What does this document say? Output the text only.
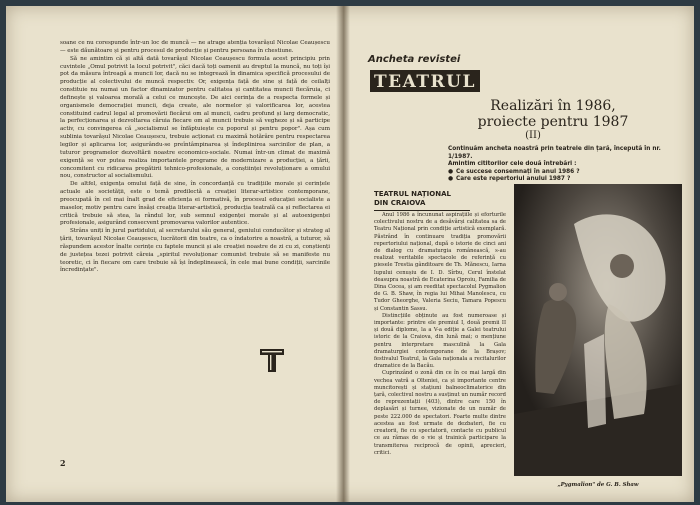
soane ce nu corespunde într-un loc de muncă — ne atrage atenția tovarășul Nicolae Ceaușescu — este dăunătoare și pentru procesul de producție și pentru persoana în chestiune.

Să ne amintim că și altă dată tovarășul Nicolae Ceaușescu formula acest principiu prin cuvintele „Omul potrivit la locul potrivit", căci dacă toți oamenii au dreptul la muncă, nu toți își pot da măsura întreagă a muncii lor, dacă nu se integrează în dinamica specifică procesului de producție al colectivului de muncă respectiv. Or, exigența față de sine și față de ceilalți constituie nu numai un factor dinamizator pentru calitatea și cantitatea muncii fiecăruia, ci definește și valoarea morală a celui ce muncește. De aici cerința de a respecta formele și organismele democrației muncii, deja create, ale normelor și valorificarea lor, acestea constituind cadrul legal al promovării fiecărui om al muncii, cadru profund și larg democratic, la perfecționarea și dezvoltarea căruia fiecare om al muncii trebuie să vegheze și să participe activ, cu convingerea că „socialismul se înfăptuiește cu poporul și pentru popor". Așa cum sublinia tovarășul Nicolae Ceaușescu, trebuie acționat cu maximă hotărâre pentru respectarea legilor și aplicarea lor, asigurându-se preîntâmpinarea și îndeplinirea sarcinilor de plan, a tuturor programelor dezvoltării noastre economico-sociale. Numai într-un climat de maximă exigență se vor putea realiza importantele programe de modernizare a producției, a țării, concomitent cu ridicarea pregătirii tehnico-profesionale, a conștiinței revoluționare a omului nou, constructor al socialismului.

De altfel, exigența omului față de sine, în concordanță cu tradițiile morale și cerințele actuale ale societății, este o temă predilectă a creației literar-artistice contemporane, preocupată în cel mai înalt grad de eficiența ei formativă, în procesul educației socialiste a maselor, motiv pentru care însăși creația literar-artistică, producția teatrală ca și reflectarea ei critică trebuie să stea, la rândul lor, sub semnul exigenței morale și al autoexigenței profesionale, asigurând consecvent promovarea valorilor autentice.

Strâns uniți în jurul partidului, al secretarului său general, geniului conducător și strateg al țării, tovarășul Nicolae Ceaușescu, lucrătorii din teatre, ca o îndatorire a noastră, a tuturor, să răspundem acestor înalte cerințe cu faptele muncii și ale creației noastre de zi cu zi, conștienți de justețea tezei potrivit căreia „spiritul revoluționar comunist trebuie să se manifeste nu teoretic, ci în fiecare om care trebuie să își îndeplinească, în cele mai bune condiții, sarcinile încredințate".

2
Ancheta revistei
TEATRUL
Realizări în 1986,
proiecte pentru 1987
(II)
Continuăm ancheta noastră prin teatrele din țară, începută în nr. 1/1987.
Amintim cititorilor cele două întrebări :
● Ce succese consemnați în anul 1986 ?
● Care este repertoriul anului 1987 ?
TEATRUL NAȚIONAL
DIN CRAIOVA

Anul 1986 a încununat aspirațiile și eforturile colectivului nostru de a desăvârși calitatea sa de Teatru Național prin condiție artistică exemplară. Păstrând în continuare tradiția promovării repertoriului național, după o istorie de cinci ani de dialog cu dramaturgia românească, s-au realizat veritabile spectacole de referință cu piesele Trestia gânditoare de Th. Mănescu, Iarna lupului cenușiu de I. D. Sîrbu, Cerul înstelat deasupra noastră de Ecaterina Oproiu, Familia de Dina Cocea, și am reeditat spectacolul Pygmalion de G. B. Shaw, în regia lui Mihai Manolescu, cu Tudor Gheorghe, Valeria Seciu, Tamara Popescu și Constantin Sassu.

Distincțiile obținute au fost numeroase și importante: printre ele premiul I, două premii II și două diplome, la a V-a ediție a Galei teatrului istoric de la Craiova, din lună mai; o mențiune pentru interpretare masculină la Gala dramaturgiei contemporane de la Brașov; festivalul Teatrul, la Gala naționala a recitalurilor dramatice de la Bacău.

Cuprinzând o zonă din ce în ce mai largă din vechea vatră a Olteniei, ca și importante centre muncitorești și stațiuni balneoclimaterice din țară, colectivul nostru a susținut un număr record de reprezentații (403), dintre care 150 în deplasări și turnee, vizionate de un număr de peste 222.000 de spectatori. Foarte multe dintre acestea au fost urmate de dezbateri, fie cu creatorii, fie cu spectatorii, contacte cu publicul ce au rămas de o vie și trainică participare la transmiterea reciprocă de opinii, aprecieri, critici.

„Pygmalion" de G. B. Shaw
